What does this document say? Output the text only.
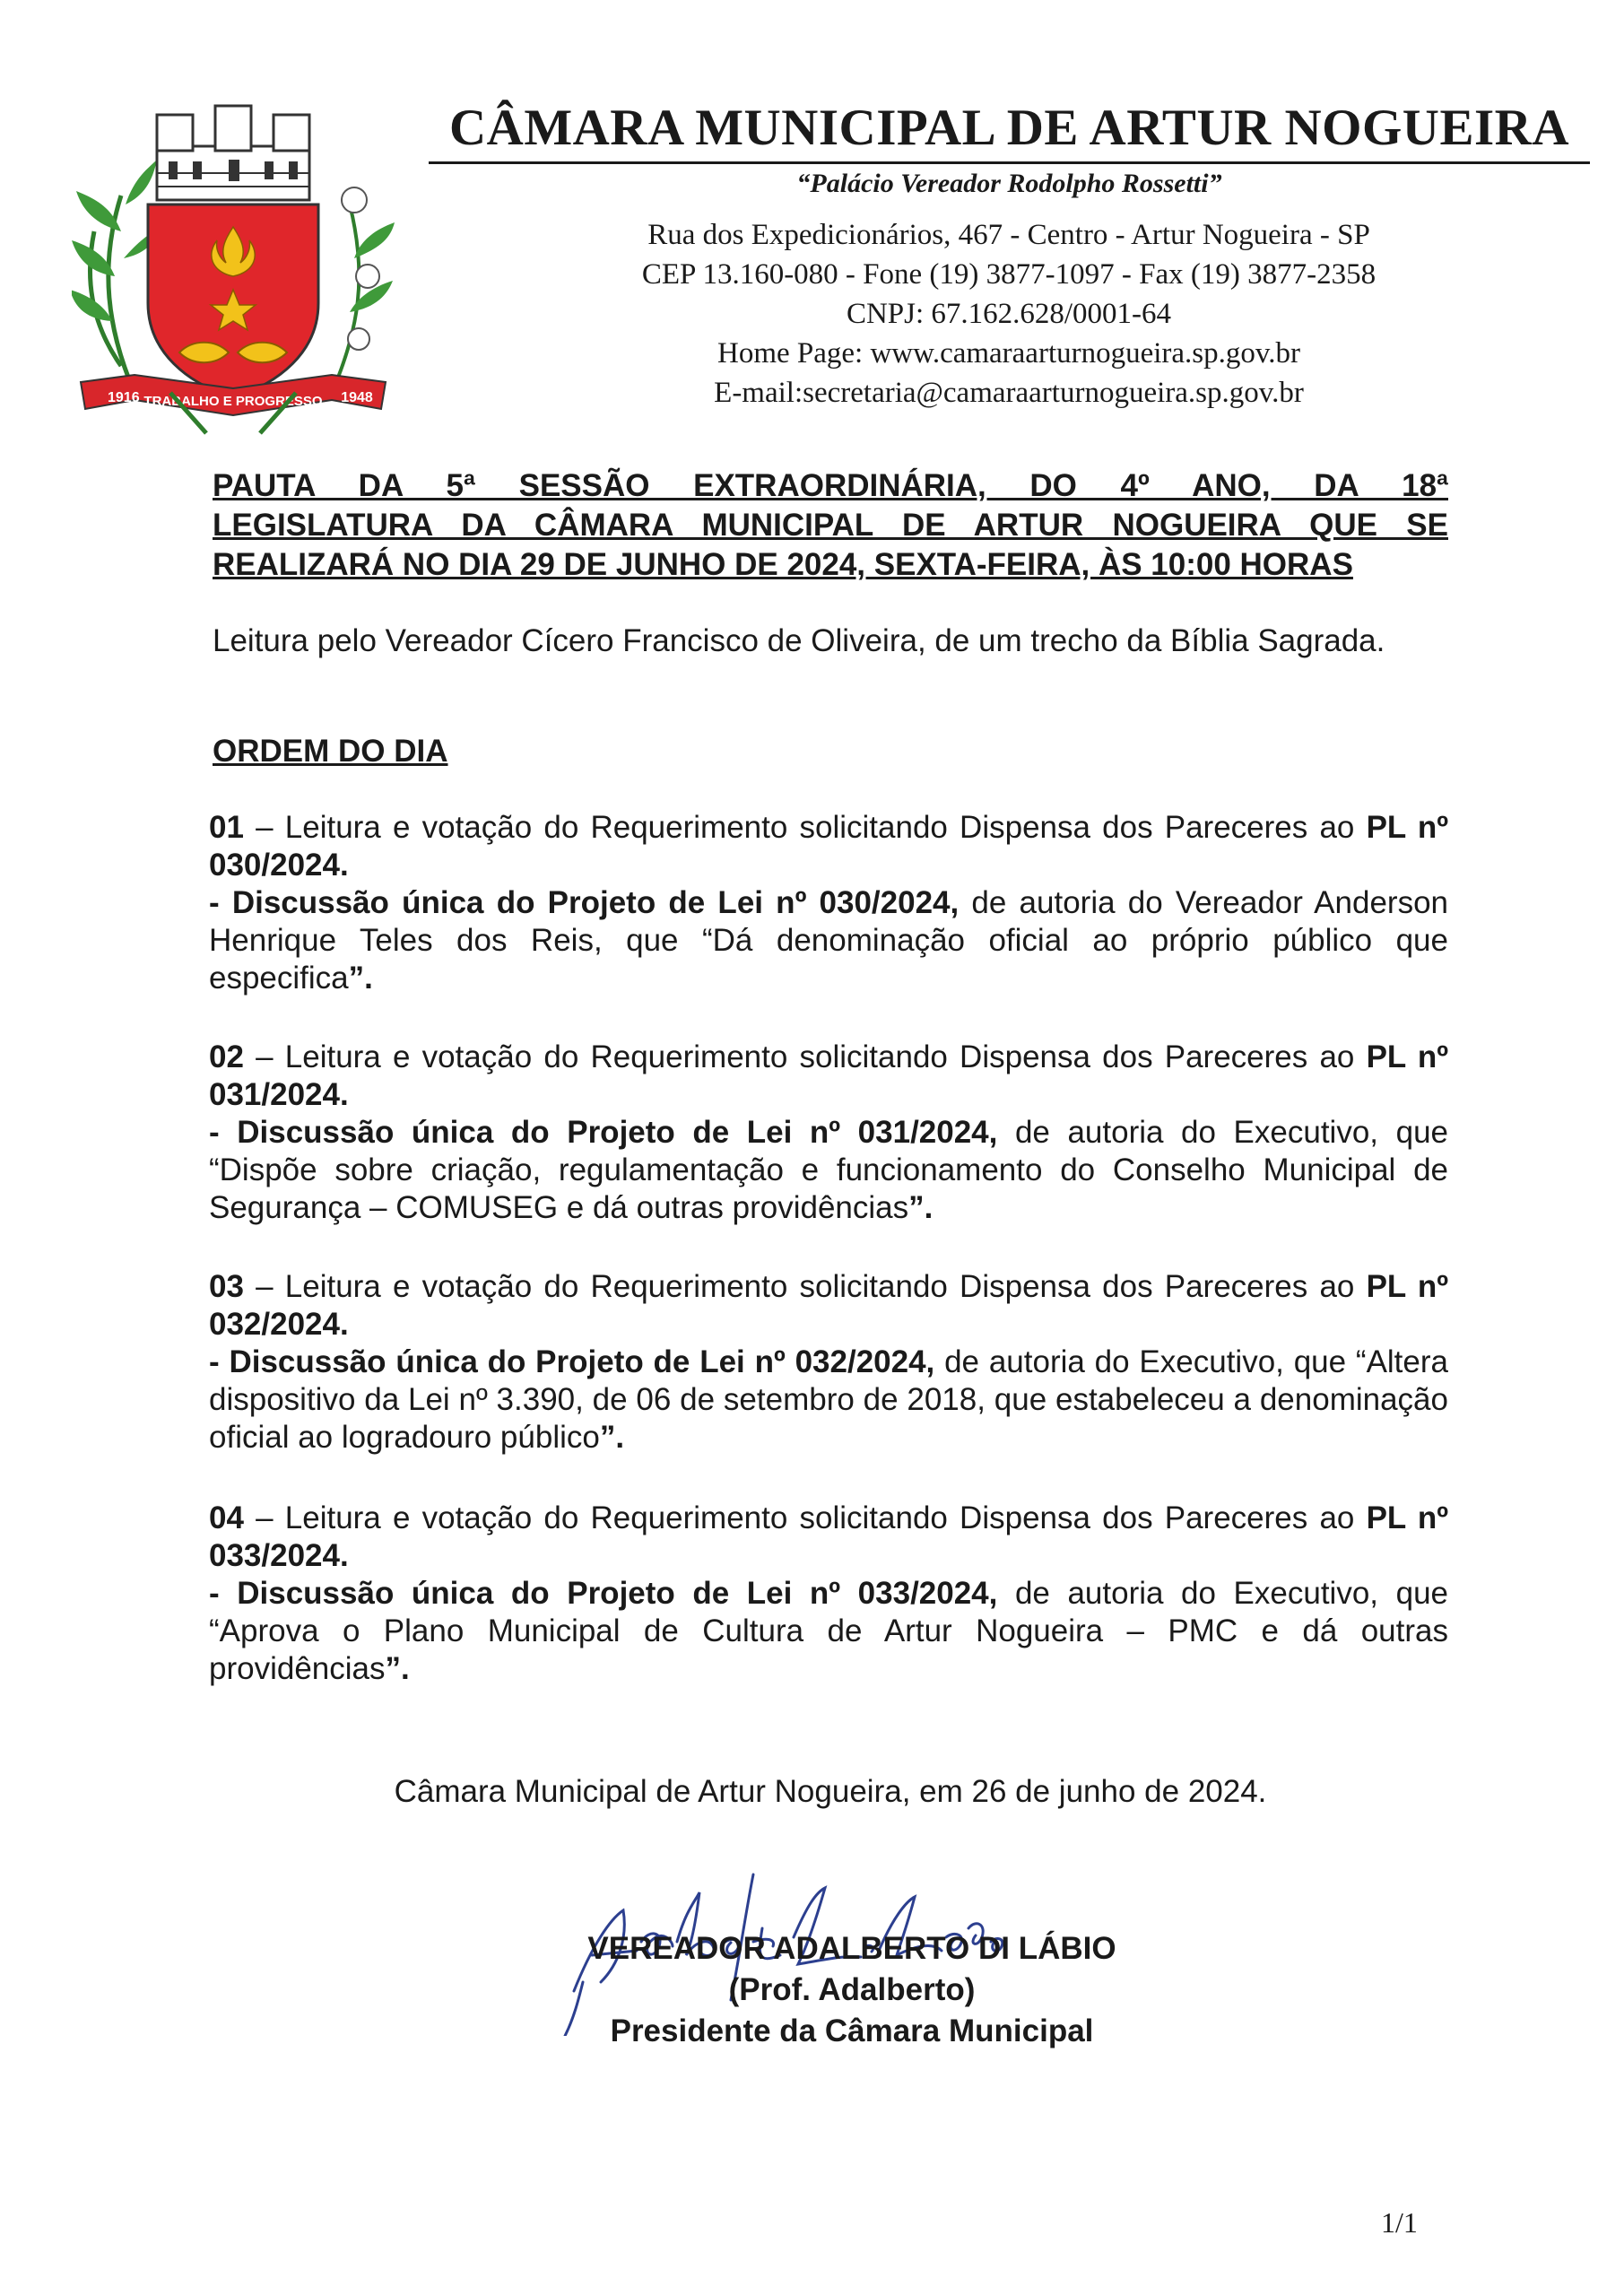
1916 TRABALHO E PROGRESSO 1948
CÂMARA MUNICIPAL DE ARTUR NOGUEIRA
“Palácio Vereador Rodolpho Rossetti”
Rua dos Expedicionários, 467 - Centro - Artur Nogueira - SP
CEP 13.160-080 - Fone (19) 3877-1097 - Fax (19) 3877-2358
CNPJ: 67.162.628/0001-64
Home Page: www.camaraarturnogueira.sp.gov.br
E-mail:secretaria@camaraarturnogueira.sp.gov.br
PAUTA DA 5ª SESSÃO EXTRAORDINÁRIA, DO 4º ANO, DA 18ª
LEGISLATURA DA CÂMARA MUNICIPAL DE ARTUR NOGUEIRA QUE SE
REALIZARÁ NO DIA 29 DE JUNHO DE 2024, SEXTA-FEIRA, ÀS 10:00 HORAS
Leitura pelo Vereador Cícero Francisco de Oliveira, de um trecho da Bíblia Sagrada.
ORDEM DO DIA

01 – Leitura e votação do Requerimento solicitando Dispensa dos Pareceres ao PL nº 030/2024.

- Discussão única do Projeto de Lei nº 030/2024, de autoria do Vereador Anderson Henrique Teles dos Reis, que “Dá denominação oficial ao próprio público que especifica”.

02 – Leitura e votação do Requerimento solicitando Dispensa dos Pareceres ao PL nº 031/2024.

- Discussão única do Projeto de Lei nº 031/2024, de autoria do Executivo, que “Dispõe sobre criação, regulamentação e funcionamento do Conselho Municipal de Segurança – COMUSEG e dá outras providências”.

03 – Leitura e votação do Requerimento solicitando Dispensa dos Pareceres ao PL nº 032/2024.

- Discussão única do Projeto de Lei nº 032/2024, de autoria do Executivo, que “Altera dispositivo da Lei nº 3.390, de 06 de setembro de 2018, que estabeleceu a denominação oficial ao logradouro público”.

04 – Leitura e votação do Requerimento solicitando Dispensa dos Pareceres ao PL nº 033/2024.

- Discussão única do Projeto de Lei nº 033/2024, de autoria do Executivo, que “Aprova o Plano Municipal de Cultura de Artur Nogueira – PMC e dá outras providências”.

Câmara Municipal de Artur Nogueira, em 26 de junho de 2024.
VEREADOR ADALBERTO DI LÁBIO
(Prof. Adalberto)
Presidente da Câmara Municipal
1/1
